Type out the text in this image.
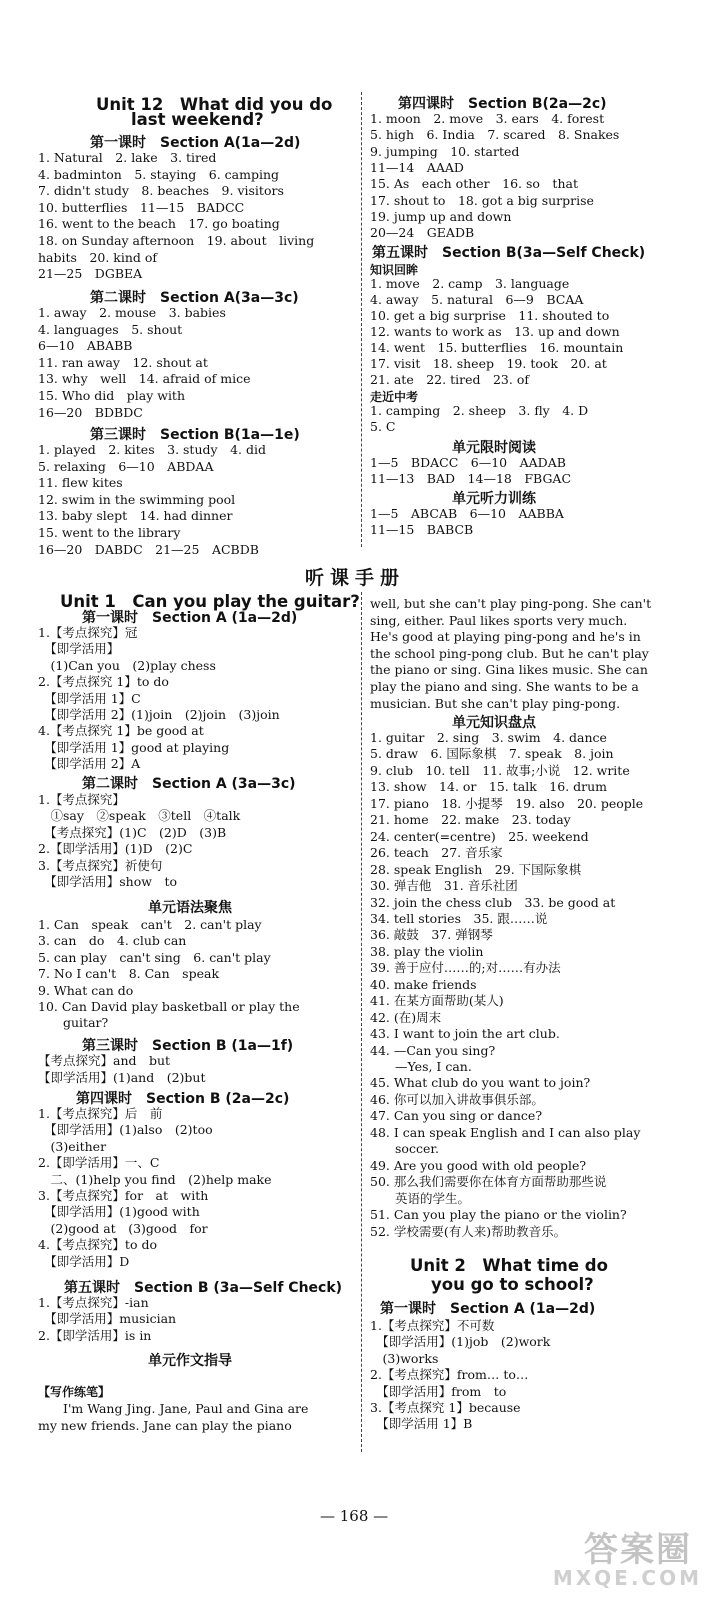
— 168 —
答案圈
MXQE.COM
Unit 12　What did you do
last weekend?
第一课时　Section A(1a—2d)
1. Natural　2. lake　3. tired
4. badminton　5. staying　6. camping
7. didn't study　8. beaches　9. visitors
10. butterflies　11—15　BADCC
16. went to the beach　17. go boating
18. on Sunday afternoon　19. about　living
habits　20. kind of
21—25　DGBEA
第二课时　Section A(3a—3c)
1. away　2. mouse　3. babies
4. languages　5. shout
6—10　ABABB
11. ran away　12. shout at
13. why　well　14. afraid of mice
15. Who did　play with
16—20　BDBDC
第三课时　Section B(1a—1e)
1. played　2. kites　3. study　4. did
5. relaxing　6—10　ABDAA
11. flew kites
12. swim in the swimming pool
13. baby slept　14. had dinner
15. went to the library
16—20　DABDC　21—25　ACBDB
第四课时　Section B(2a—2c)
1. moon　2. move　3. ears　4. forest
5. high　6. India　7. scared　8. Snakes
9. jumping　10. started
11—14　AAAD
15. As　each other　16. so　that
17. shout to　18. got a big surprise
19. jump up and down
20—24　GEADB
第五课时　Section B(3a—Self Check)
知识回眸
1. move　2. camp　3. language
4. away　5. natural　6—9　BCAA
10. get a big surprise　11. shouted to
12. wants to work as　13. up and down
14. went　15. butterflies　16. mountain
17. visit　18. sheep　19. took　20. at
21. ate　22. tired　23. of
走近中考
1. camping　2. sheep　3. fly　4. D
5. C
单元限时阅读
1—5　BDACC　6—10　AADAB
11—13　BAD　14—18　FBGAC
单元听力训练
1—5　ABCAB　6—10　AABBA
11—15　BABCB
听课手册
Unit 1　Can you play the guitar?
第一课时　Section A (1a—2d)
1.【考点探究】冠
　【即学活用】
　(1)Can you　(2)play chess
2.【考点探究 1】to do
　【即学活用 1】C
　【即学活用 2】(1)join　(2)join　(3)join
4.【考点探究 1】be good at
　【即学活用 1】good at playing
　【即学活用 2】A
第二课时　Section A (3a—3c)
1.【考点探究】
　①say　②speak　③tell　④talk
　【考点探究】(1)C　(2)D　(3)B
2.【即学活用】(1)D　(2)C
3.【考点探究】祈使句
　【即学活用】show　to
单元语法聚焦
1. Can　speak　can't　2. can't play
3. can　do　4. club can
5. can play　can't sing　6. can't play
7. No I can't　8. Can　speak
9. What can do
10. Can David play basketball or play the
　　guitar?
第三课时　Section B (1a—1f)
【考点探究】and　but
【即学活用】(1)and　(2)but
第四课时　Section B (2a—2c)
1.【考点探究】后　前
　【即学活用】(1)also　(2)too
　(3)either
2.【即学活用】一、C
　二、(1)help you find　(2)help make
3.【考点探究】for　at　with
　【即学活用】(1)good with
　(2)good at　(3)good　for
4.【考点探究】to do
　【即学活用】D
第五课时　Section B (3a—Self Check)
1.【考点探究】-ian
　【即学活用】musician
2.【即学活用】is in
单元作文指导
【写作练笔】
　　I'm Wang Jing. Jane, Paul and Gina are
my new friends. Jane can play the piano
well, but she can't play ping-pong. She can't
sing, either. Paul likes sports very much.
He's good at playing ping-pong and he's in
the school ping-pong club. But he can't play
the piano or sing. Gina likes music. She can
play the piano and sing. She wants to be a
musician. But she can't play ping-pong.
单元知识盘点
1. guitar　2. sing　3. swim　4. dance
5. draw　6. 国际象棋　7. speak　8. join
9. club　10. tell　11. 故事;小说　12. write
13. show　14. or　15. talk　16. drum
17. piano　18. 小提琴　19. also　20. people
21. home　22. make　23. today
24. center(=centre)　25. weekend
26. teach　27. 音乐家
28. speak English　29. 下国际象棋
30. 弹吉他　31. 音乐社团
32. join the chess club　33. be good at
34. tell stories　35. 跟……说
36. 敲鼓　37. 弹钢琴
38. play the violin
39. 善于应付……的;对……有办法
40. make friends
41. 在某方面帮助(某人)
42. (在)周末
43. I want to join the art club.
44. —Can you sing?
　　—Yes, I can.
45. What club do you want to join?
46. 你可以加入讲故事俱乐部。
47. Can you sing or dance?
48. I can speak English and I can also play
　　soccer.
49. Are you good with old people?
50. 那么我们需要你在体育方面帮助那些说
　　英语的学生。
51. Can you play the piano or the violin?
52. 学校需要(有人来)帮助教音乐。
Unit 2　What time do
you go to school?
第一课时　Section A (1a—2d)
1.【考点探究】不可数
　【即学活用】(1)job　(2)work
　(3)works
2.【考点探究】from… to…
　【即学活用】from　to
3.【考点探究 1】because
　【即学活用 1】B
